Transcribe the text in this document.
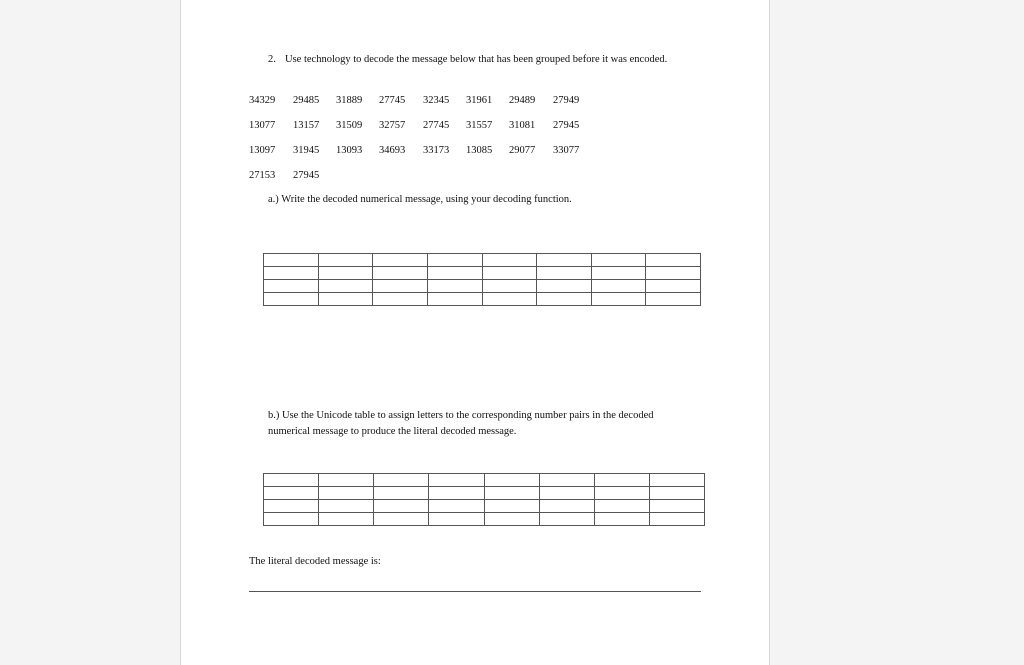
2. Use technology to decode the message below that has been grouped before it was encoded.
34329 29485 31889 27745 32345 31961 29489 27949
13077 13157 31509 32757 27745 31557 31081 27945
13097 31945 13093 34693 33173 13085 29077 33077
27153 27945
a.) Write the decoded numerical message, using your decoding function.

b.) Use the Unicode table to assign letters to the corresponding number pairs in the decoded numerical message to produce the literal decoded message.

The literal decoded message is:
